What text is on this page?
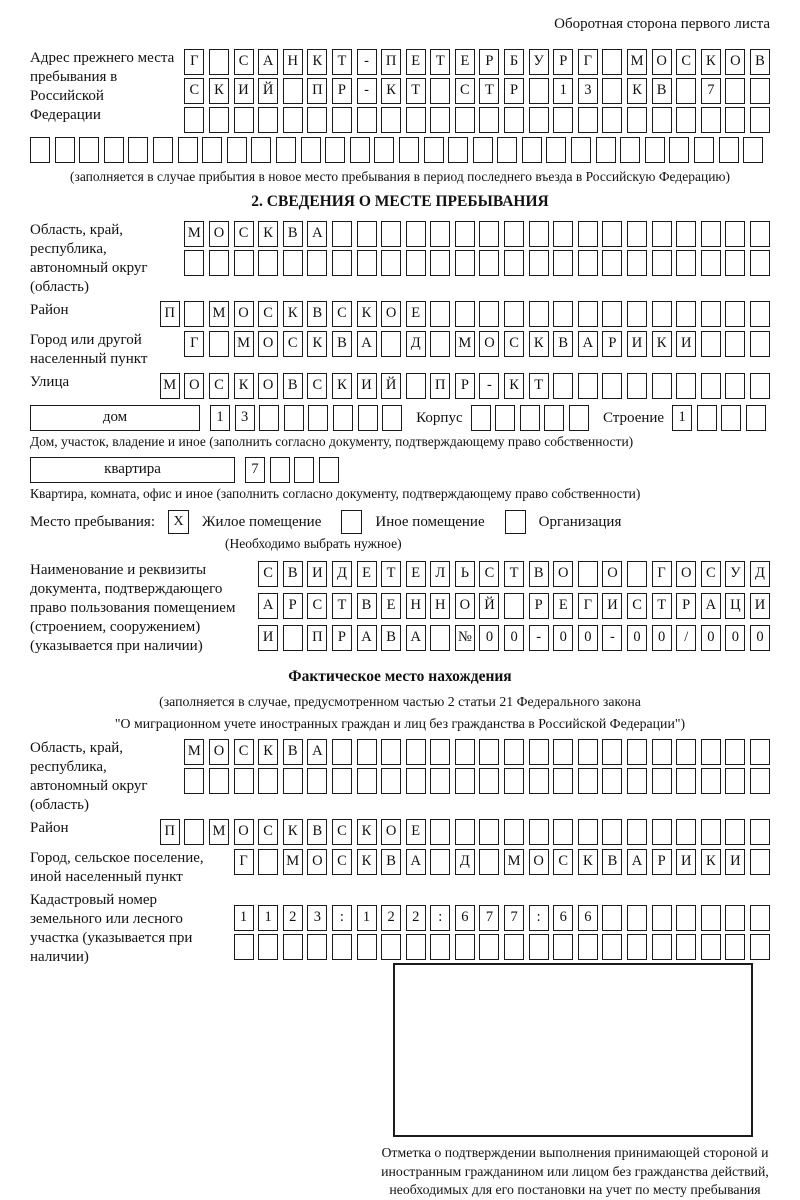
Оборотная сторона первого листа
Адрес прежнего места пребывания в Российской Федерации
Г	С	А Н	К	Т	-	П	Е	Т	Е	Р	Б	У	Р	Г	М О	С	К	О	В
С	К	И Й	П	Р	-	К	Т	С	Т	Р	1	3	К	В	7
(заполняется в случае прибытия в новое место пребывания в период последнего въезда в Российскую Федерацию)
2. СВЕДЕНИЯ О МЕСТЕ ПРЕБЫВАНИЯ
Область, край, республика, автономный округ (область)
М О	С	К	В	А
Район	П	М О	С	К	В	С	К	О	Е
Город или другой населенный пункт
Г	М О	С	К	В	А	Д	М О	С	К	В	А	Р	И	К	И
Улица	М О	С	К	О	В	С	К	И Й	П	Р	-	К	Т
дом	1	3	Корпус	Строение 1
Дом, участок, владение и иное (заполнить согласно документу, подтверждающему право собственности)
квартира	7
Квартира, комната, офис и иное (заполнить согласно документу, подтверждающему право собственности)
Место пребывания:	X	Жилое помещение	Иное помещение	Организация
(Необходимо выбрать нужное)
Наименование и реквизиты документа, подтверждающего право пользования помещением (строением, сооружением) (указывается при наличии)
С	В	И Д	Е	Т	Е	Л	Ь	С	Т	В	О	О	Г	О	С	У	Д
А	Р	С	Т	В	Е	Н Н О Й	Р	Е	Г	И	С	Т	Р	А Ц И
И	П	Р	А	В	А	№ 0	0	-	0	0	-	0	0	/	0	0	0
Фактическое место нахождения
(заполняется в случае, предусмотренном частью 2 статьи 21 Федерального закона
"О миграционном учете иностранных граждан и лиц без гражданства в Российской Федерации")
Область, край, республика, автономный округ (область)
М О	С	К	В	А
Район	П	М О	С	К	В	С	К	О	Е
Город, сельское поселение, иной населенный пункт
Г	М О	С	К	В	А	Д	М О	С	К	В	А	Р	И	К	И
Кадастровый номер земельного или лесного участка (указывается при наличии)
1	1	2	3	:	1	2	2	:	6	7	7	:	6	6
Отметка о подтверждении выполнения принимающей стороной и иностранным гражданином или лицом без гражданства действий, необходимых для его постановки на учет по месту пребывания
